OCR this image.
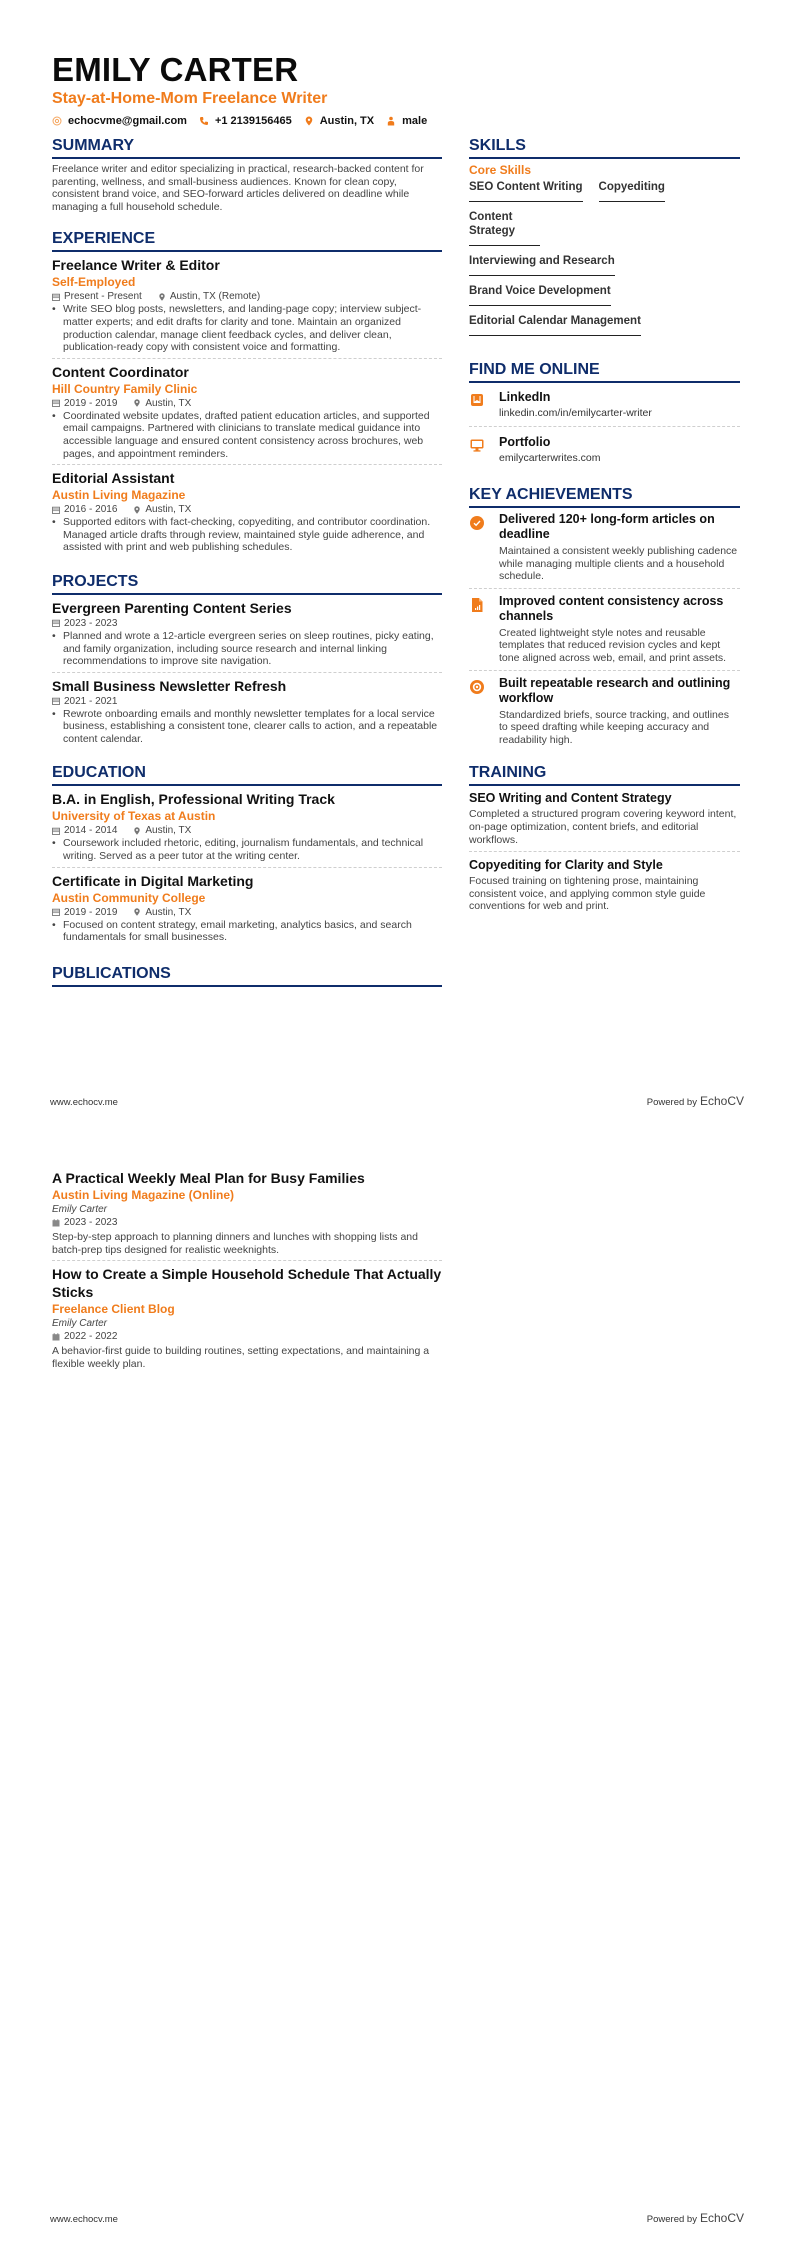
EMILY CARTER
Stay-at-Home-Mom Freelance Writer
echocvme@gmail.com	+1 2139156465	Austin, TX	male
SUMMARY
Freelance writer and editor specializing in practical, research-backed content for parenting, wellness, and small-business audiences. Known for clean copy, consistent brand voice, and SEO-forward articles delivered on deadline while managing a full household schedule.
EXPERIENCE
Freelance Writer & Editor
Self-Employed
Present - Present	Austin, TX (Remote)
• Write SEO blog posts, newsletters, and landing-page copy; interview subject-matter experts; and edit drafts for clarity and tone. Maintain an organized production calendar, manage client feedback cycles, and deliver clean, publication-ready copy with consistent voice and formatting.
Content Coordinator
Hill Country Family Clinic
2019 - 2019	Austin, TX
• Coordinated website updates, drafted patient education articles, and supported email campaigns. Partnered with clinicians to translate medical guidance into accessible language and ensured content consistency across brochures, web pages, and appointment reminders.
Editorial Assistant
Austin Living Magazine
2016 - 2016	Austin, TX
• Supported editors with fact-checking, copyediting, and contributor coordination. Managed article drafts through review, maintained style guide adherence, and assisted with print and web publishing schedules.
PROJECTS
Evergreen Parenting Content Series
2023 - 2023
• Planned and wrote a 12-article evergreen series on sleep routines, picky eating, and family organization, including source research and internal linking recommendations to improve site navigation.
Small Business Newsletter Refresh
2021 - 2021
• Rewrote onboarding emails and monthly newsletter templates for a local service business, establishing a consistent tone, clearer calls to action, and a repeatable content calendar.
EDUCATION
B.A. in English, Professional Writing Track
University of Texas at Austin
2014 - 2014	Austin, TX
• Coursework included rhetoric, editing, journalism fundamentals, and technical writing. Served as a peer tutor at the writing center.
Certificate in Digital Marketing
Austin Community College
2019 - 2019	Austin, TX
• Focused on content strategy, email marketing, analytics basics, and search fundamentals for small businesses.
PUBLICATIONS
SKILLS
Core Skills
SEO Content Writing Copyediting
Content Strategy
Interviewing and Research
Brand Voice Development
Editorial Calendar Management
FIND ME ONLINE
LinkedIn
linkedin.com/in/emilycarter-writer
Portfolio
emilycarterwrites.com
KEY ACHIEVEMENTS
Delivered 120+ long-form articles on deadline
Maintained a consistent weekly publishing cadence while managing multiple clients and a household schedule.
Improved content consistency across channels
Created lightweight style notes and reusable templates that reduced revision cycles and kept tone aligned across web, email, and print assets.
Built repeatable research and outlining workflow
Standardized briefs, source tracking, and outlines to speed drafting while keeping accuracy and readability high.
TRAINING
SEO Writing and Content Strategy
Completed a structured program covering keyword intent, on-page optimization, content briefs, and editorial workflows.
Copyediting for Clarity and Style
Focused training on tightening prose, maintaining consistent voice, and applying common style guide conventions for web and print.
www.echocv.me	Powered by EchoCV
A Practical Weekly Meal Plan for Busy Families
Austin Living Magazine (Online)
Emily Carter
2023 - 2023
Step-by-step approach to planning dinners and lunches with shopping lists and batch-prep tips designed for realistic weeknights.
How to Create a Simple Household Schedule That Actually Sticks
Freelance Client Blog
Emily Carter
2022 - 2022
A behavior-first guide to building routines, setting expectations, and maintaining a flexible weekly plan.
www.echocv.me	Powered by EchoCV
